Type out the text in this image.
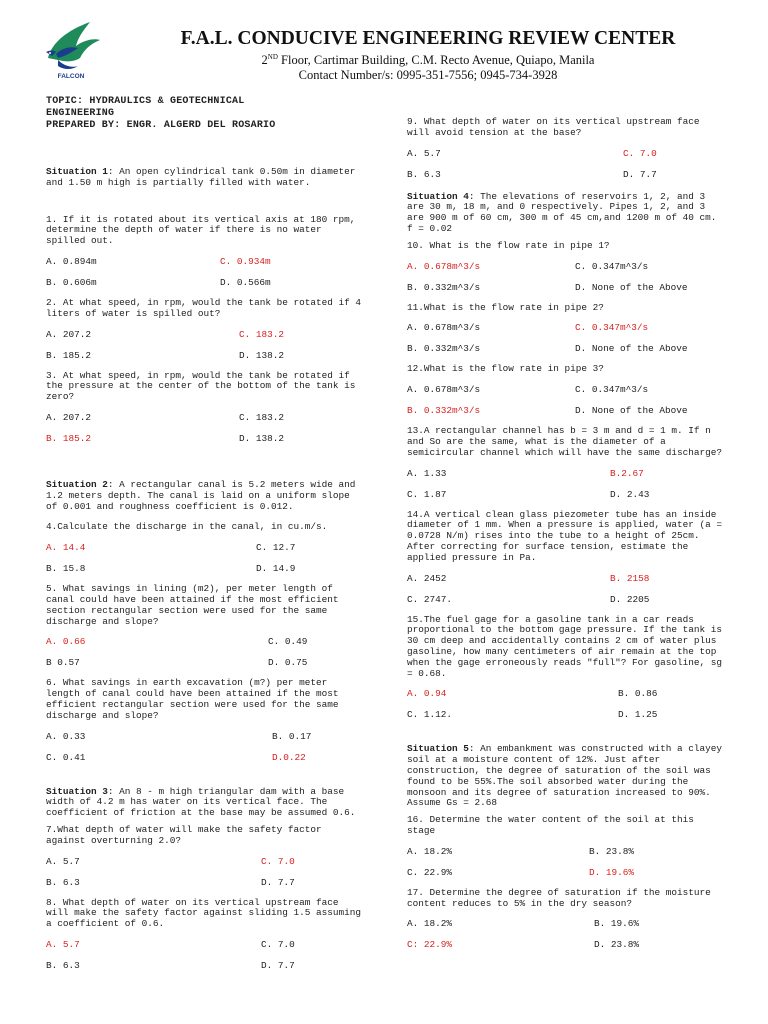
FALCON
F.A.L. CONDUCIVE ENGINEERING REVIEW CENTER
2ND Floor, Cartimar Building, C.M. Recto Avenue, Quiapo, Manila
Contact Number/s: 0995-351-7556; 0945-734-3928
TOPIC: HYDRAULICS & GEOTECHNICAL
ENGINEERING
PREPARED BY: ENGR. ALGERD DEL ROSARIO

Situation 1: An open cylindrical tank 0.50m in diameter and 1.50 m high is partially filled with water.

1. If it is rotated about its vertical axis at 180 rpm, determine the depth of water if there is no water spilled out.

A. 0.894m	C. 0.934m
B. 0.606m	D. 0.566m

2. At what speed, in rpm, would the tank be rotated if 4 liters of water is spilled out?

A. 207.2	C. 183.2
B. 185.2	D. 138.2

3. At what speed, in rpm, would the tank be rotated if the pressure at the center of the bottom of the tank is zero?

A. 207.2	C. 183.2
B. 185.2	D. 138.2

Situation 2: A rectangular canal is 5.2 meters wide and 1.2 meters depth. The canal is laid on a uniform slope of 0.001 and roughness coefficient is 0.012.

4.Calculate the discharge in the canal, in cu.m/s.

A. 14.4	C. 12.7
B. 15.8	D. 14.9

5. What savings in lining (m2), per meter length of canal could have been attained if the most efficient section rectangular section were used for the same discharge and slope?

A. 0.66	C. 0.49
B 0.57	D. 0.75

6. What savings in earth excavation (m?) per meter length of canal could have been attained if the most efficient rectangular section were used for the same discharge and slope?

A. 0.33	B. 0.17
C. 0.41	D.0.22

Situation 3: An 8 - m high triangular dam with a base width of 4.2 m has water on its vertical face. The coefficient of friction at the base may be assumed 0.6.

7.What depth of water will make the safety factor against overturning 2.0?

A. 5.7	C. 7.0
B. 6.3	D. 7.7

8. What depth of water on its vertical upstream face will make the safety factor against sliding 1.5 assuming a coefficient of 0.6.

A. 5.7	C. 7.0
B. 6.3	D. 7.7

9. What depth of water on its vertical upstream face will avoid tension at the base?

A. 5.7	C. 7.0
B. 6.3	D. 7.7

Situation 4: The elevations of reservoirs 1, 2, and 3 are 30 m, 18 m, and 0 respectively. Pipes 1, 2, and 3 are 900 m of 60 cm, 300 m of 45 cm,and 1200 m of 40 cm. f = 0.02

10. What is the flow rate in pipe 1?

A. 0.678m^3/s	C. 0.347m^3/s
B. 0.332m^3/s	D. None of the Above

11.What is the flow rate in pipe 2?

A. 0.678m^3/s	C. 0.347m^3/s
B. 0.332m^3/s	D. None of the Above

12.What is the flow rate in pipe 3?

A. 0.678m^3/s	C. 0.347m^3/s
B. 0.332m^3/s	D. None of the Above

13.A rectangular channel has b = 3 m and d = 1 m. If n and So are the same, what is the diameter of a semicircular channel which will have the same discharge?

A. 1.33	B.2.67
C. 1.87	D. 2.43

14.A vertical clean glass piezometer tube has an inside diameter of 1 mm. When a pressure is applied, water (a = 0.0728 N/m) rises into the tube to a height of 25cm. After correcting for surface tension, estimate the applied pressure in Pa.

A. 2452	B. 2158
C. 2747.	D. 2205

15.The fuel gage for a gasoline tank in a car reads proportional to the bottom gage pressure. If the tank is 30 cm deep and accidentally contains 2 cm of water plus gasoline, how many centimeters of air remain at the top when the gage erroneously reads "full"? For gasoline, sg = 0.68.

A. 0.94	B. 0.86
C. 1.12.	D. 1.25

Situation 5: An embankment was constructed with a clayey soil at a moisture content of 12%. Just after construction, the degree of saturation of the soil was found to be 55%.The soil absorbed water during the monsoon and its degree of saturation increased to 90%. Assume Gs = 2.68

16. Determine the water content of the soil at this stage

A. 18.2%	B. 23.8%
C. 22.9%	D. 19.6%

17. Determine the degree of saturation if the moisture content reduces to 5% in the dry season?

A. 18.2%	B. 19.6%
C: 22.9%	D. 23.8%
